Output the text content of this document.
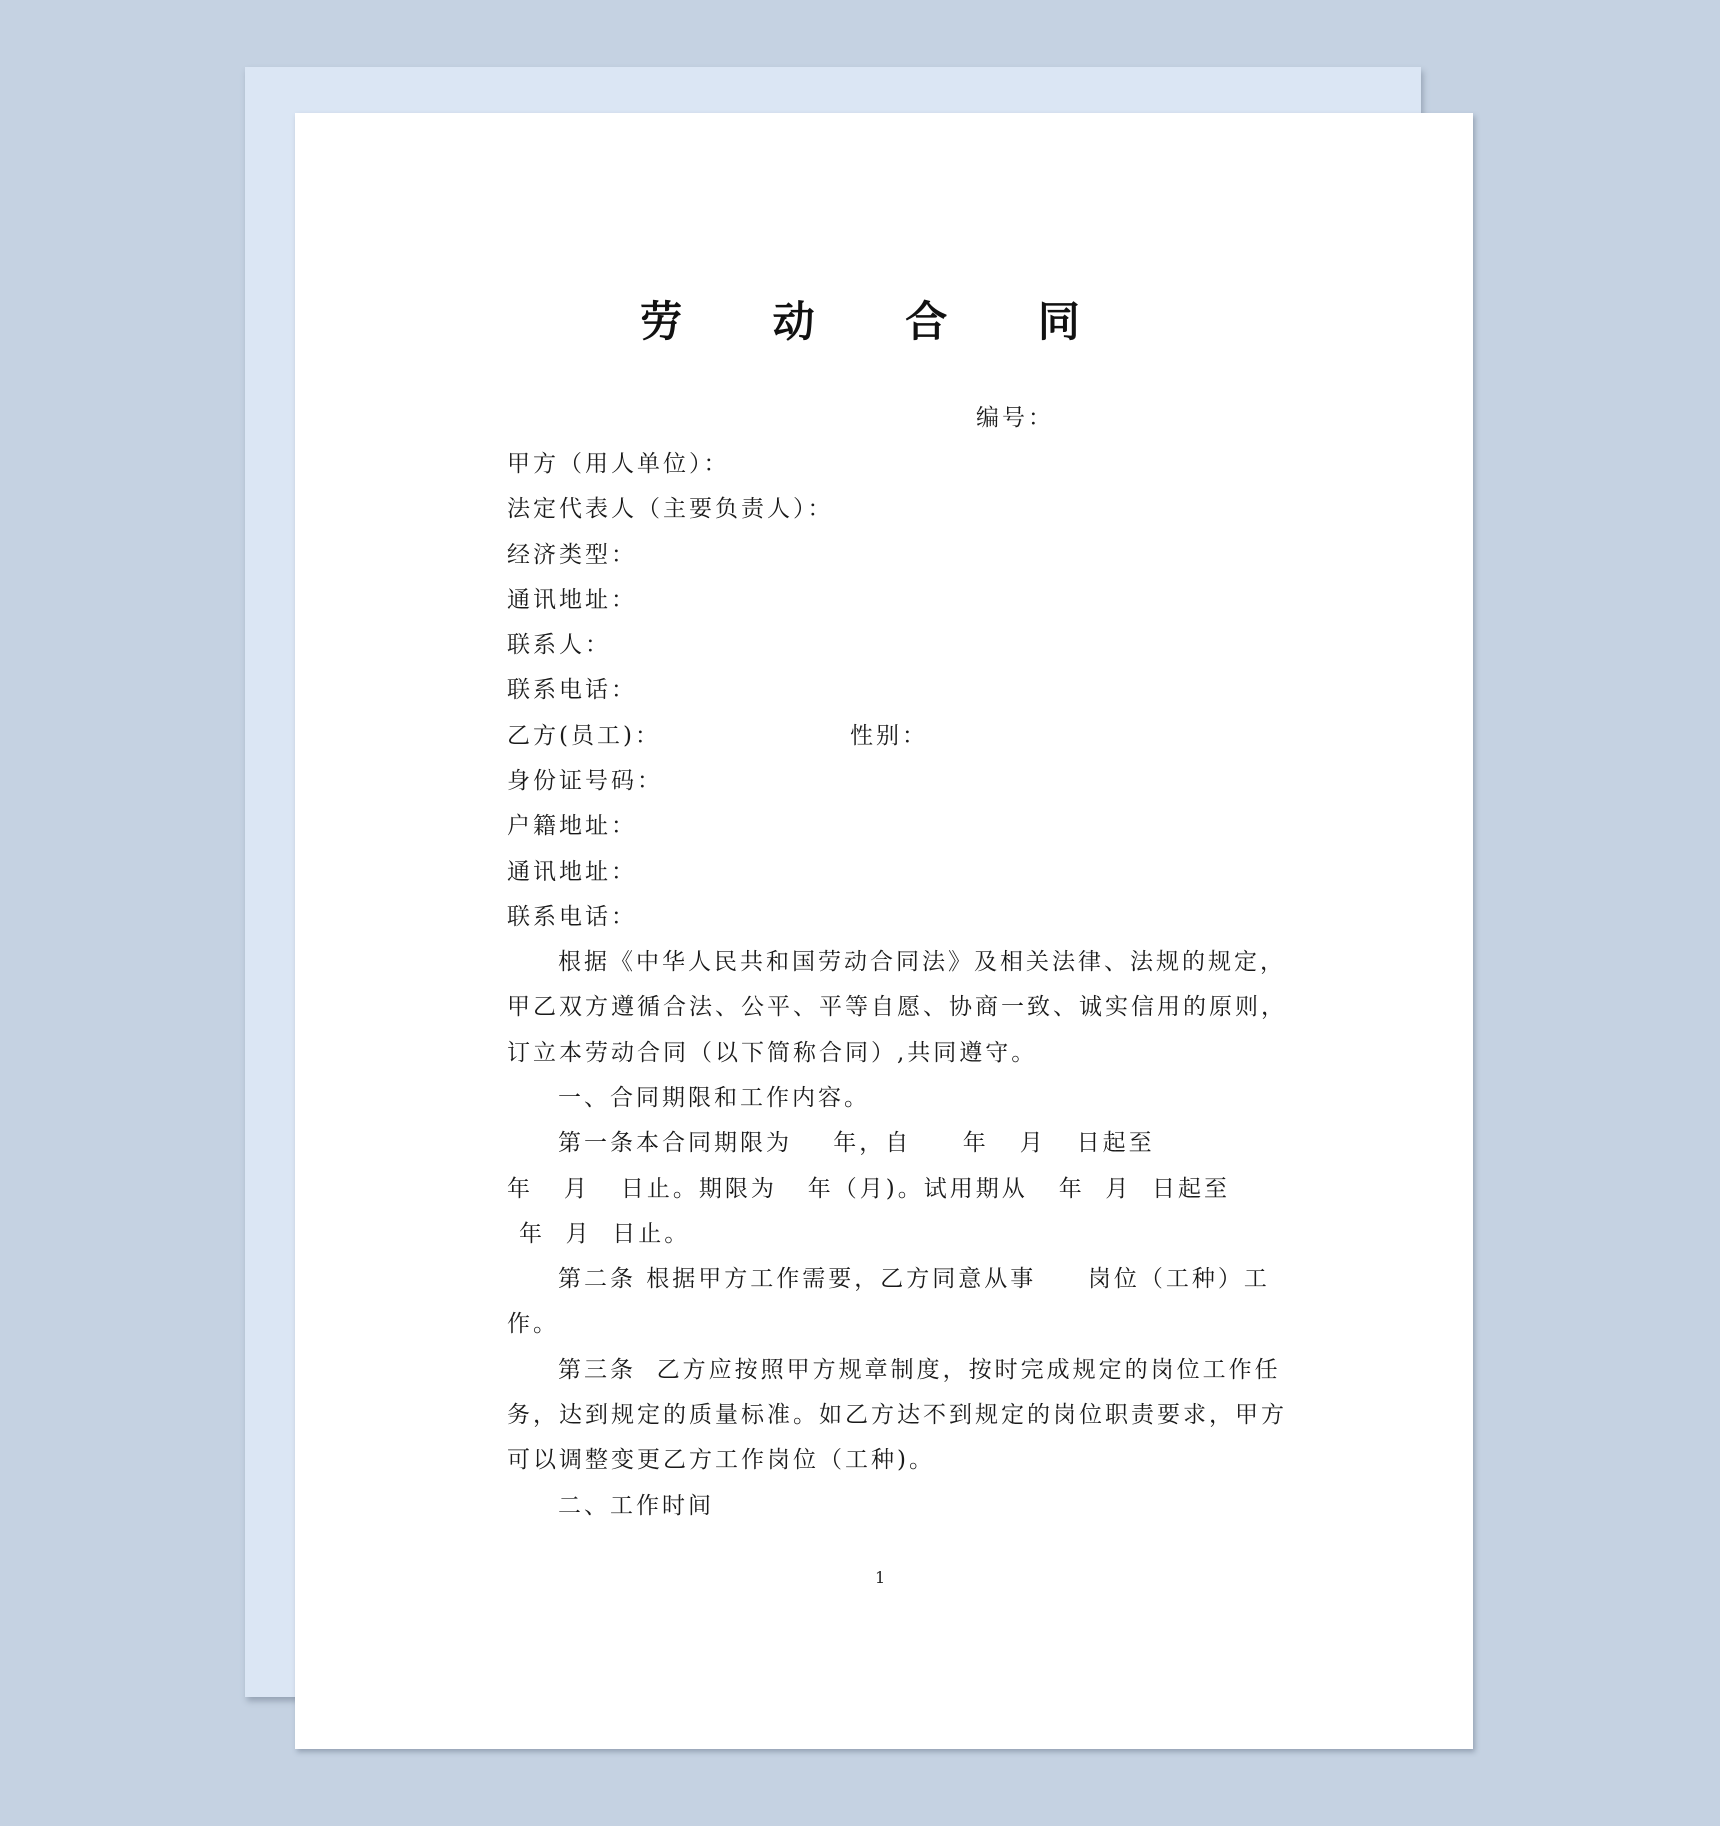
劳 动 合 同
编号：
甲方（用人单位）：
法定代表人（主要负责人）：
经济类型：
通讯地址：
联系人：
联系电话：
乙方(员工)：	性别：
身份证号码：
户籍地址：
通讯地址：
联系电话：
根据《中华人民共和国劳动合同法》及相关法律、法规的规定，
甲乙双方遵循合法、公平、平等自愿、协商一致、诚实信用的原则，
订立本劳动合同（以下简称合同）,共同遵守。
一、合同期限和工作内容。
第一条本合同期限为    年，自     年   月   日起至
年   月   日止。期限为   年（月)。试用期从   年  月  日起至
年  月  日止。
第二条 根据甲方工作需要，乙方同意从事     岗位（工种）工
作。
第三条  乙方应按照甲方规章制度，按时完成规定的岗位工作任
务，达到规定的质量标准。如乙方达不到规定的岗位职责要求，甲方
可以调整变更乙方工作岗位（工种)。
二、工作时间
1
